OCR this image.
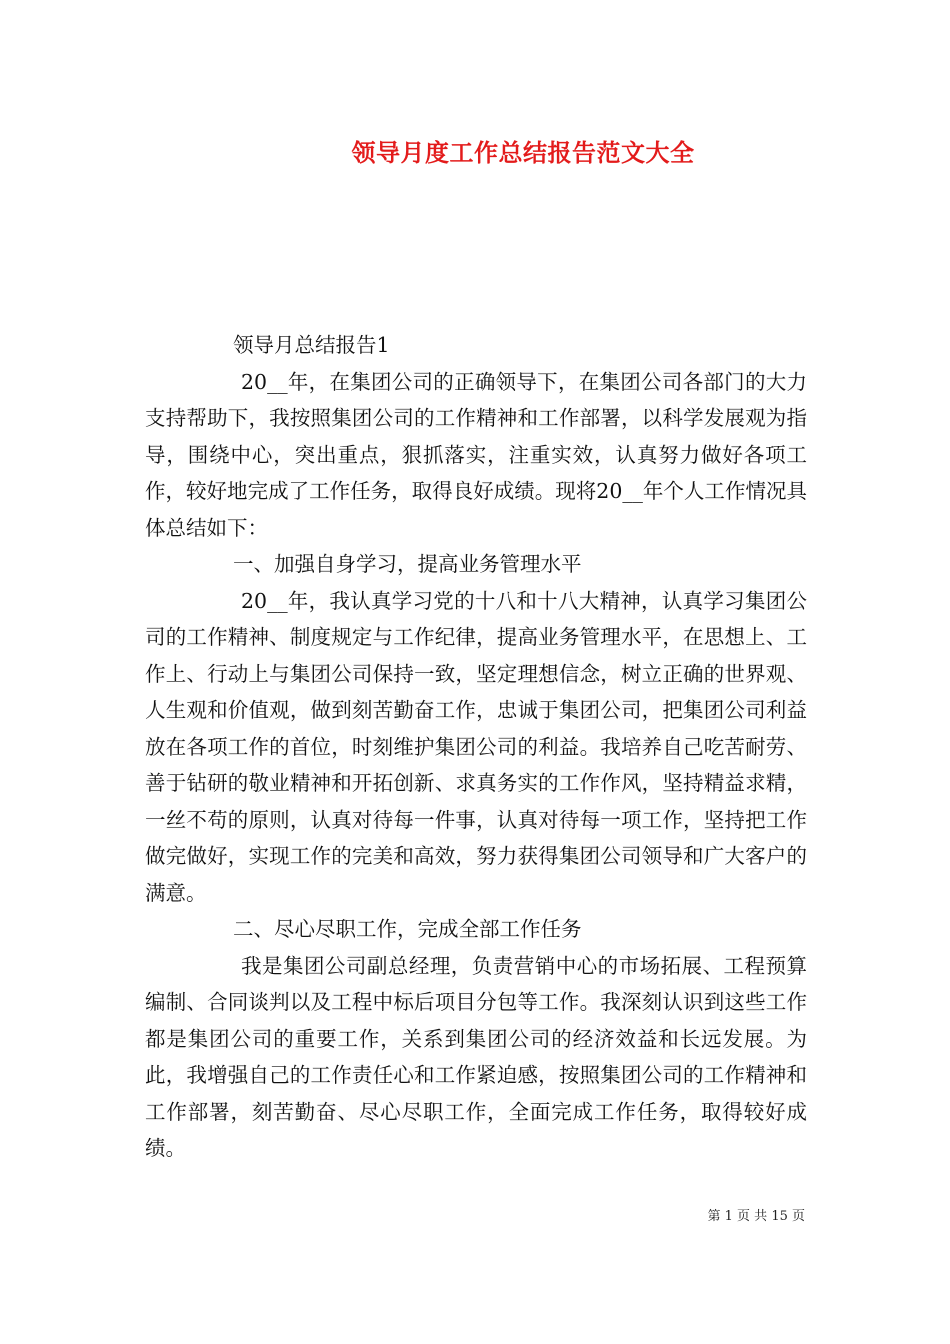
领导月度工作总结报告范文大全

领导月总结报告1

20__年，在集团公司的正确领导下，在集团公司各部门的大力支持帮助下，我按照集团公司的工作精神和工作部署，以科学发展观为指导，围绕中心，突出重点，狠抓落实，注重实效，认真努力做好各项工作，较好地完成了工作任务，取得良好成绩。现将20__年个人工作情况具体总结如下：

一、加强自身学习，提高业务管理水平

20__年，我认真学习党的十八和十八大精神，认真学习集团公司的工作精神、制度规定与工作纪律，提高业务管理水平，在思想上、工作上、行动上与集团公司保持一致，坚定理想信念，树立正确的世界观、人生观和价值观，做到刻苦勤奋工作，忠诚于集团公司，把集团公司利益放在各项工作的首位，时刻维护集团公司的利益。我培养自己吃苦耐劳、善于钻研的敬业精神和开拓创新、求真务实的工作作风，坚持精益求精，一丝不苟的原则，认真对待每一件事，认真对待每一项工作，坚持把工作做完做好，实现工作的完美和高效，努力获得集团公司领导和广大客户的满意。

二、尽心尽职工作，完成全部工作任务

我是集团公司副总经理，负责营销中心的市场拓展、工程预算编制、合同谈判以及工程中标后项目分包等工作。我深刻认识到这些工作都是集团公司的重要工作，关系到集团公司的经济效益和长远发展。为此，我增强自己的工作责任心和工作紧迫感，按照集团公司的工作精神和工作部署，刻苦勤奋、尽心尽职工作，全面完成工作任务，取得较好成绩。

第 1 页 共 15 页
